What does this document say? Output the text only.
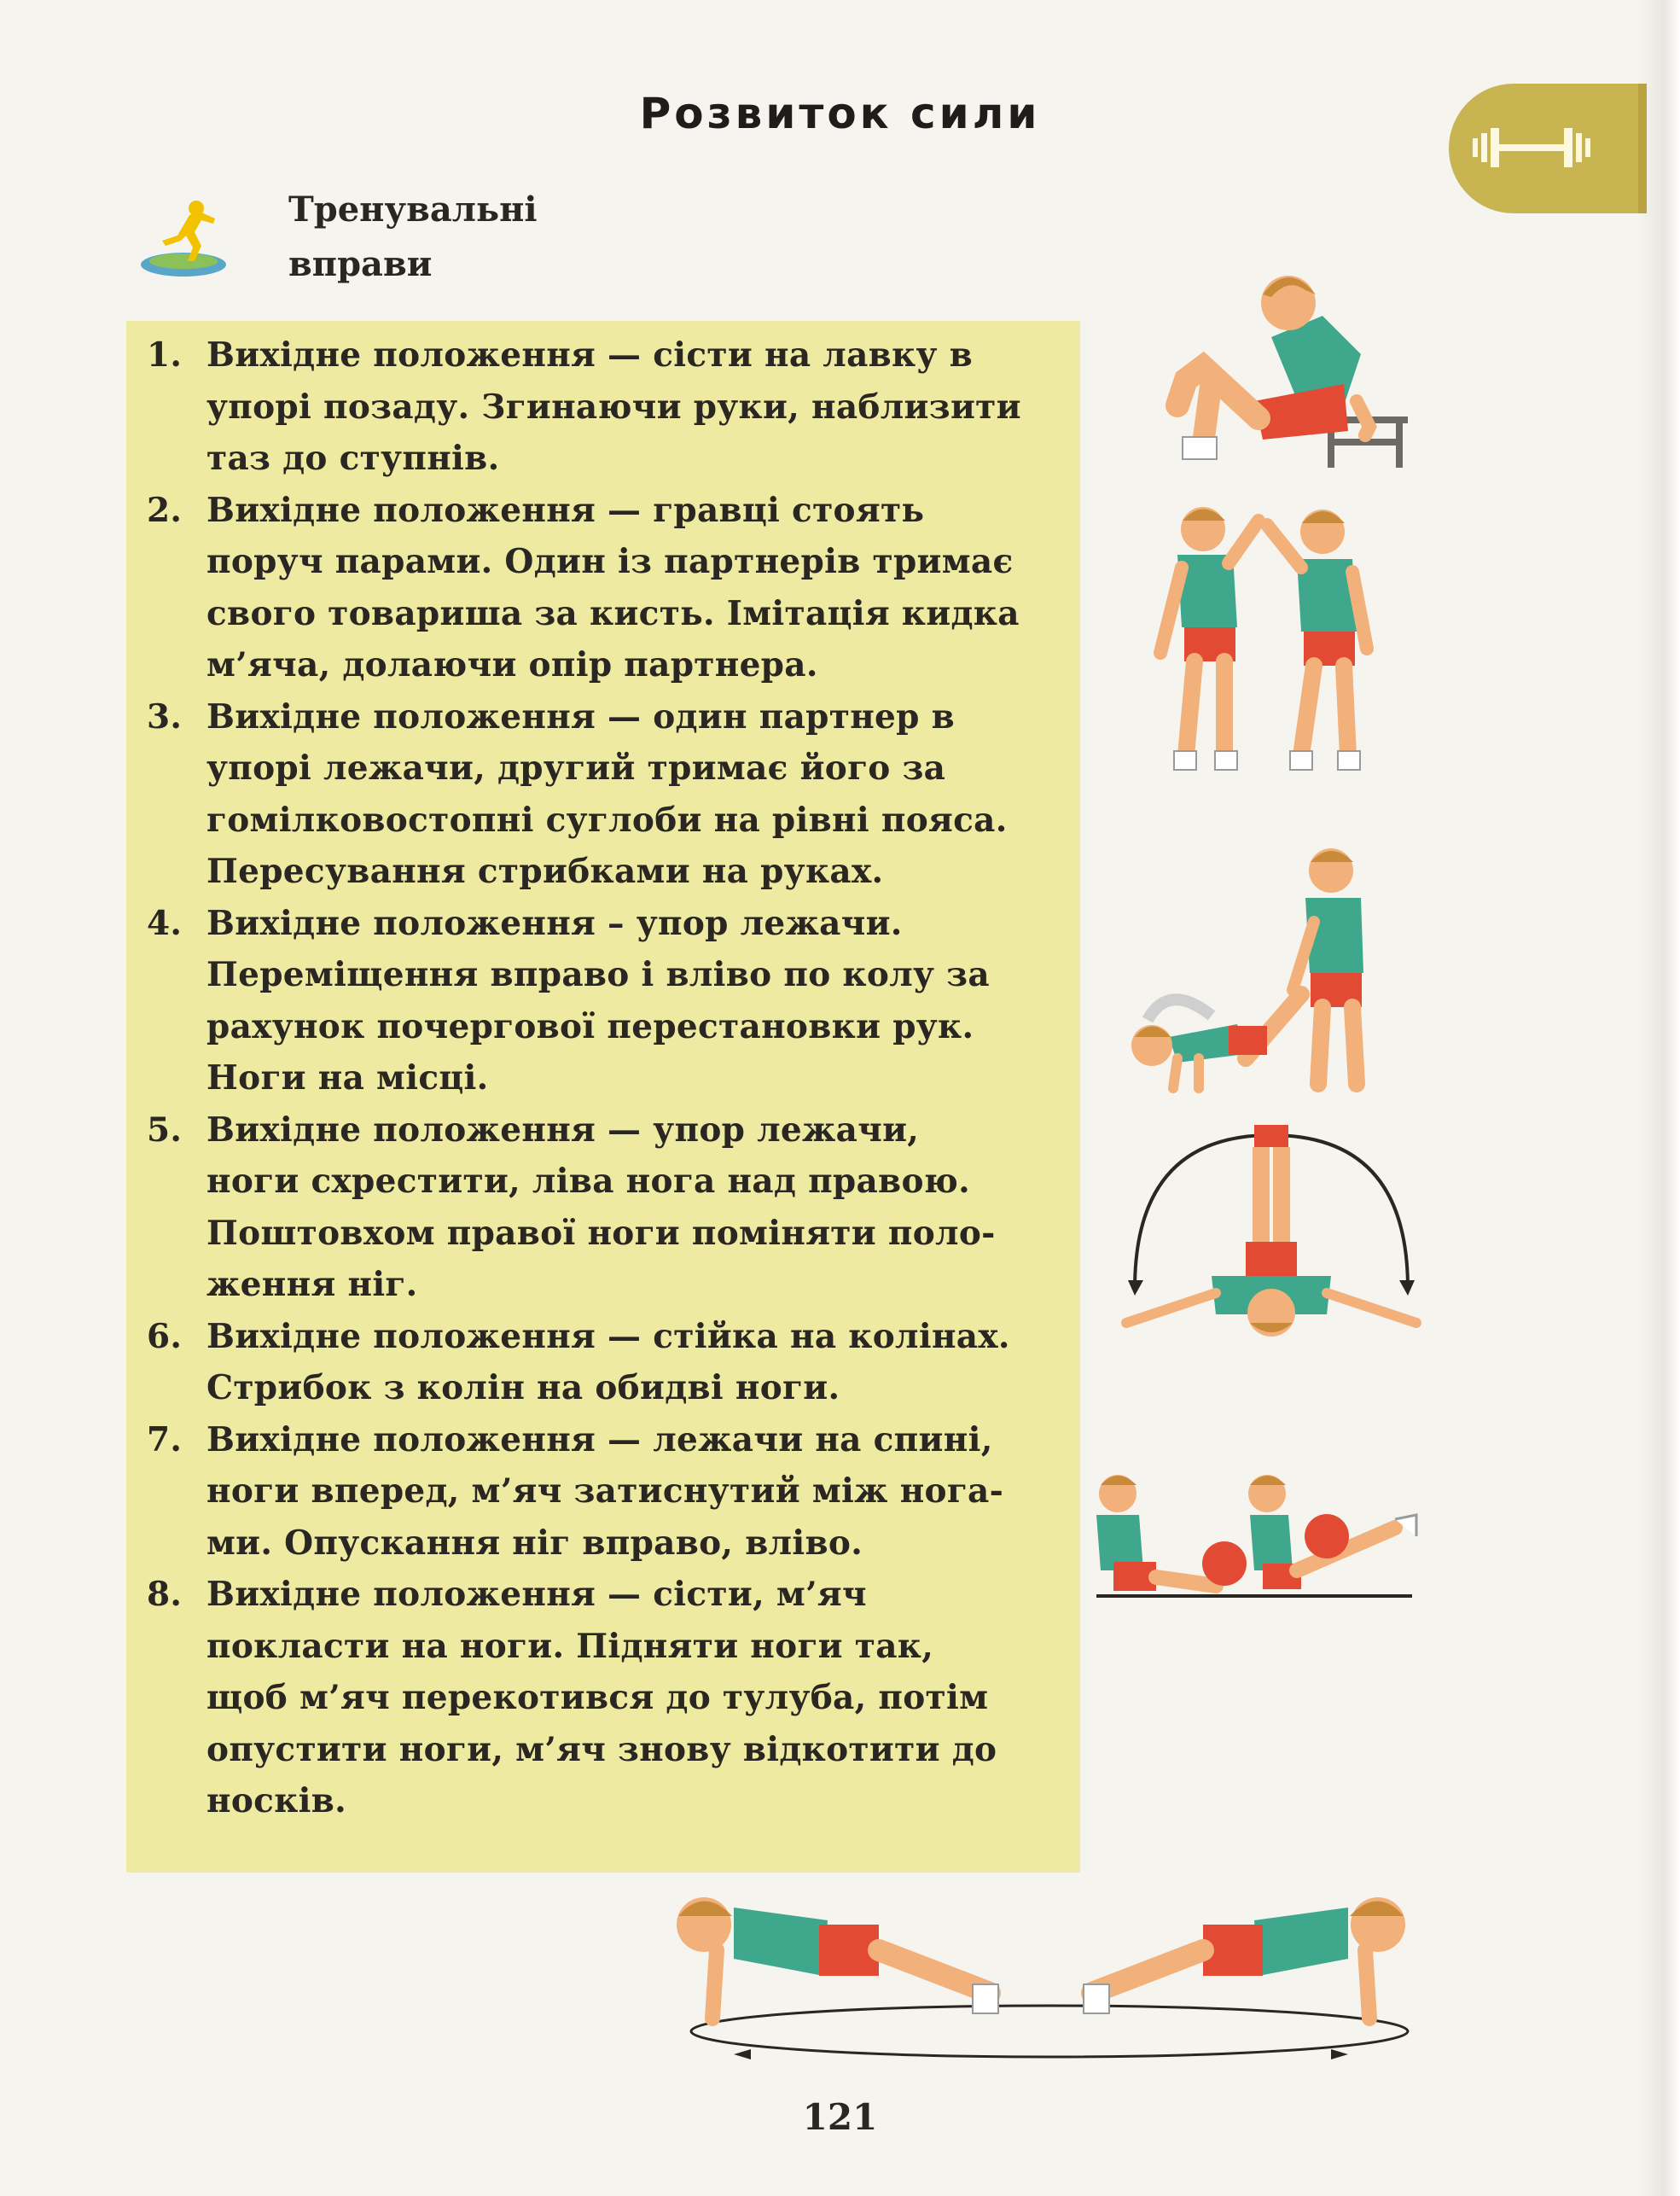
Розвиток сили
Тренувальні
вправи
1. Вихідне положення — сісти на лавку в
упорі позаду. Згинаючи руки, наблизити
таз до ступнів.
2. Вихідне положення — гравці стоять
поруч парами. Один із партнерів тримає
свого товариша за кисть. Імітація кидка
м’яча, долаючи опір партнера.
3. Вихідне положення — один партнер в
упорі лежачи, другий тримає його за
гомілковостопні суглоби на рівні пояса.
Пересування стрибками на руках.
4. Вихідне положення – упор лежачи.
Переміщення вправо і вліво по колу за
рахунок почергової перестановки рук.
Ноги на місці.
5. Вихідне положення — упор лежачи,
ноги схрестити, ліва нога над правою.
Поштовхом правої ноги поміняти поло-
ження ніг.
6. Вихідне положення — стійка на колінах.
Стрибок з колін на обидві ноги.
7. Вихідне положення — лежачи на спині,
ноги вперед, м’яч затиснутий між нога-
ми. Опускання ніг вправо, вліво.
8. Вихідне положення — сісти, м’яч
покласти на ноги. Підняти ноги так,
щоб м’яч перекотився до тулуба, потім
опустити ноги, м’яч знову відкотити до
носків.
121
